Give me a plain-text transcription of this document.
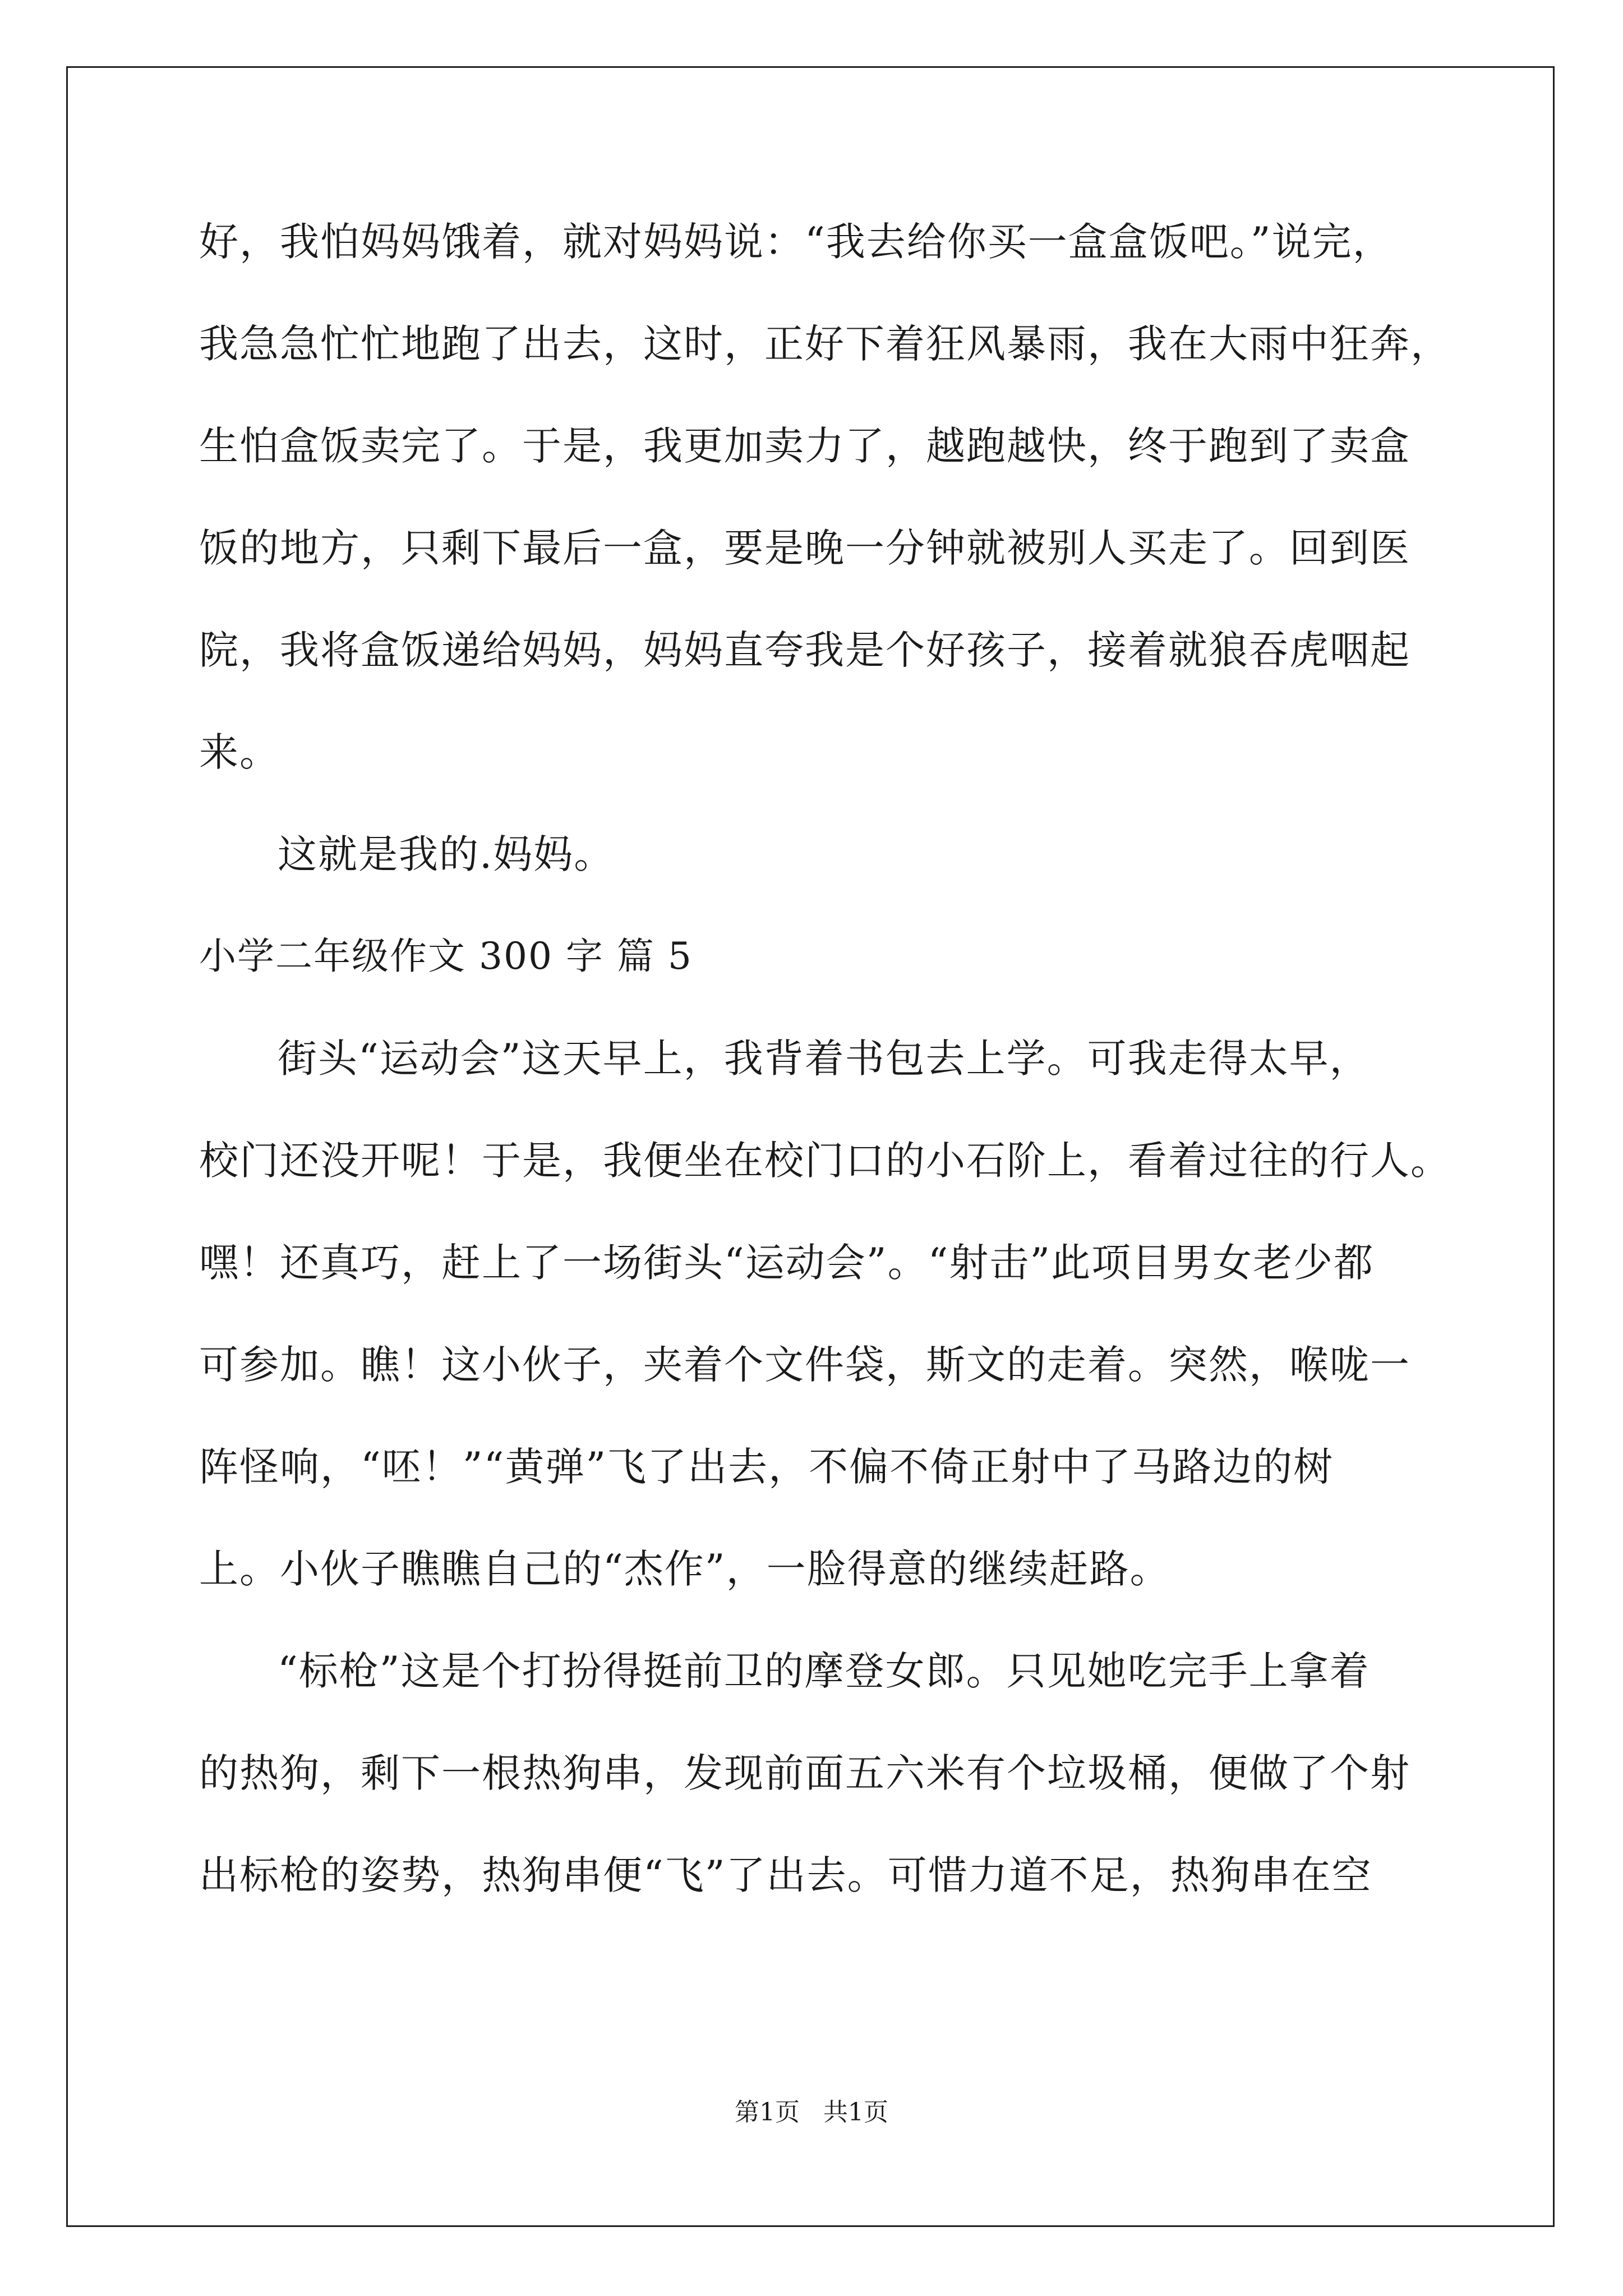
好，我怕妈妈饿着，就对妈妈说：“我去给你买一盒盒饭吧。”说完，
我急急忙忙地跑了出去，这时，正好下着狂风暴雨，我在大雨中狂奔，
生怕盒饭卖完了。于是，我更加卖力了，越跑越快，终于跑到了卖盒
饭的地方，只剩下最后一盒，要是晚一分钟就被别人买走了。回到医
院，我将盒饭递给妈妈，妈妈直夸我是个好孩子，接着就狼吞虎咽起
来。
这就是我的.妈妈。
小学二年级作文 300 字 篇 5
街头“运动会”这天早上，我背着书包去上学。可我走得太早，
校门还没开呢！于是，我便坐在校门口的小石阶上，看着过往的行人。
嘿！还真巧，赶上了一场街头“运动会”。“射击”此项目男女老少都
可参加。瞧！这小伙子，夹着个文件袋，斯文的走着。突然，喉咙一
阵怪响，“呸！”“黄弹”飞了出去，不偏不倚正射中了马路边的树
上。小伙子瞧瞧自己的“杰作”，一脸得意的继续赶路。
“标枪”这是个打扮得挺前卫的摩登女郎。只见她吃完手上拿着
的热狗，剩下一根热狗串，发现前面五六米有个垃圾桶，便做了个射
出标枪的姿势，热狗串便“飞”了出去。可惜力道不足，热狗串在空
第1页   共1页
